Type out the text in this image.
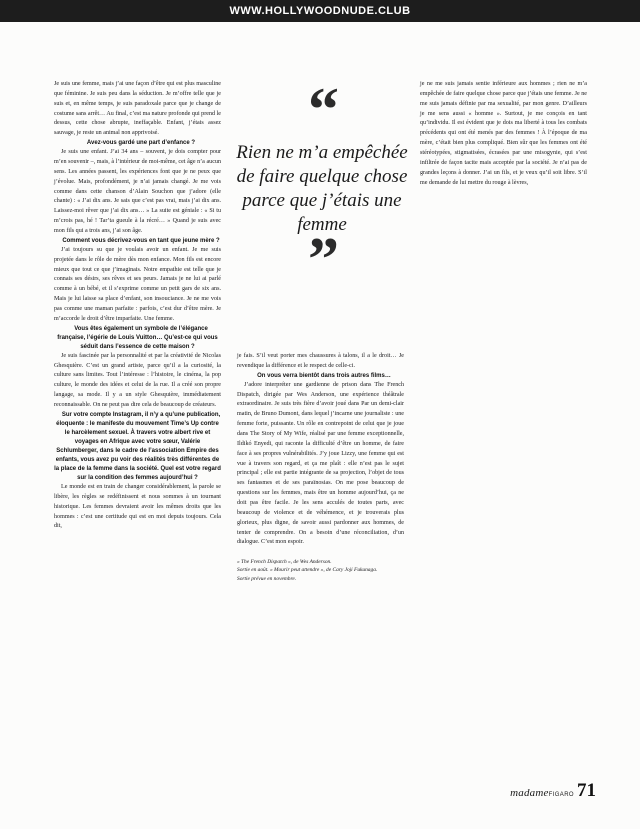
WWW.HOLLYWOODNUDE.CLUB
“
Rien ne m’a empêchée de faire quelque chose parce que j’étais une femme
”

Je suis une femme, mais j’ai une façon d’être qui est plus masculine que féminine. Je suis peu dans la séduction. Je m’offre telle que je suis et, en même temps, je suis paradoxale parce que je change de costume sans arrêt… Au final, c’est ma nature profonde qui prend le dessus, cette chose abrupte, ineffaçable. Enfant, j’étais assez sauvage, je reste un animal non apprivoisé.

Avez-vous gardé une part d’enfance ?

Je suis une enfant. J’ai 34 ans – souvent, je dois compter pour m’en souvenir –, mais, à l’intérieur de moi-même, cet âge n’a aucun sens. Les années passent, les expériences font que je ne peux que j’évolue. Mais, profondément, je n’ai jamais changé. Je me vois comme dans cette chanson d’Alain Souchon que j’adore (elle chante) : « J’ai dix ans. Je sais que c’est pas vrai, mais j’ai dix ans. Laissez-moi rêver que j’ai dix ans… » La suite est géniale : « Si tu m’crois pas, hé ! Tar’ta gueule à la récré… » Quand je suis avec mon fils qui a trois ans, j’ai son âge.

Comment vous décrivez-vous en tant que jeune mère ?

J’ai toujours su que je voulais avoir un enfant. Je me suis projetée dans le rôle de mère dès mon enfance. Mon fils est encore mieux que tout ce que j’imaginais. Notre empathie est telle que je connais ses désirs, ses rêves et ses peurs. Jamais je ne lui ai parlé comme à un bébé, et il s’exprime comme un petit gars de six ans. Mais je lui laisse sa place d’enfant, son insouciance. Je ne me vois pas comme une maman parfaite : parfois, c’est dur d’être mère. Je m’accorde le droit d’être imparfaite. Une femme.

Vous êtes également un symbole de l’élégance française, l’égérie de Louis Vuitton… Qu’est-ce qui vous séduit dans l’essence de cette maison ?

Je suis fascinée par la personnalité et par la créativité de Nicolas Ghesquière. C’est un grand artiste, parce qu’il a la curiosité, la culture sans limites. Tout l’intéresse : l’histoire, le cinéma, la pop culture, le monde des idées et celui de la rue. Il a créé son propre langage, sa mode. Il y a un style Ghesquière, immédiatement reconnaissable. On ne peut pas dire cela de beaucoup de créateurs.

Sur votre compte Instagram, il n’y a qu’une publication, éloquente : le manifeste du mouvement Time’s Up contre le harcèlement sexuel. À travers votre albert rive et voyages en Afrique avec votre sœur, Valérie Schlumberger, dans le cadre de l’association Empire des enfants, vous avez pu voir des réalités très différentes de la place de la femme dans la société. Quel est votre regard sur la condition des femmes aujourd’hui ?

Le monde est en train de changer considérablement, la parole se libère, les règles se redéfinissent et nous sommes à un tournant historique. Les femmes devraient avoir les mêmes droits que les hommes : c’est une certitude qui est en moi depuis toujours. Cela dit,

je fais. S’il veut porter mes chaussures à talons, il a le droit… Je revendique la différence et le respect de celle-ci.

On vous verra bientôt dans trois autres films…

J’adore interpréter une gardienne de prison dans The French Dispatch, dirigée par Wes Anderson, une expérience théâtrale extraordinaire. Je suis très fière d’avoir joué dans Par un demi-clair matin, de Bruno Dumont, dans lequel j’incarne une journaliste : une femme forte, puissante. Un rôle en contrepoint de celui que je joue dans The Story of My Wife, réalisé par une femme exceptionnelle, Ildikó Enyedi, qui raconte la difficulté d’être un homme, de faire face à ses propres vulnérabilités. J’y joue Lizzy, une femme qui est vue à travers son regard, et ça me plaît : elle n’est pas le sujet principal ; elle est partie intégrante de sa projection, l’objet de tous ses fantasmes et de ses paraïnosias. On me pose beaucoup de questions sur les femmes, mais être un homme aujourd’hui, ça ne doit pas être facile. Je les sens acculés de toutes parts, avec beaucoup de violence et de véhémence, et je trouverais plus glorieux, plus digne, de savoir aussi pardonner aux hommes, de tenter de comprendre. On a besoin d’une réconciliation, d’un dialogue. C’est mon espoir.

« The French Dispatch », de Wes Anderson.

Sortie en août. « Mourir peut attendre », de Cary Joji Fukunaga.

Sortie prévue en novembre.

je ne me suis jamais sentie inférieure aux hommes ; rien ne m’a empêchée de faire quelque chose parce que j’étais une femme. Je ne me suis jamais définie par ma sexualité, par mon genre. D’ailleurs je me sens aussi « homme ». Surtout, je me conçois en tant qu’individu. Il est évident que je dois ma liberté à tous les combats précédents qui ont été menés par des femmes ! À l’époque de ma mère, c’était bien plus compliqué. Bien sûr que les femmes ont été stéréotypées, stigmatisées, écrasées par une misogynie, qui s’est infiltrée de façon tacite mais acceptée par la société. Je n’ai pas de grandes leçons à donner. J’ai un fils, et je veux qu’il soit libre. S’il me demande de lui mettre du rouge à lèvres,

madameFIGARO 71
